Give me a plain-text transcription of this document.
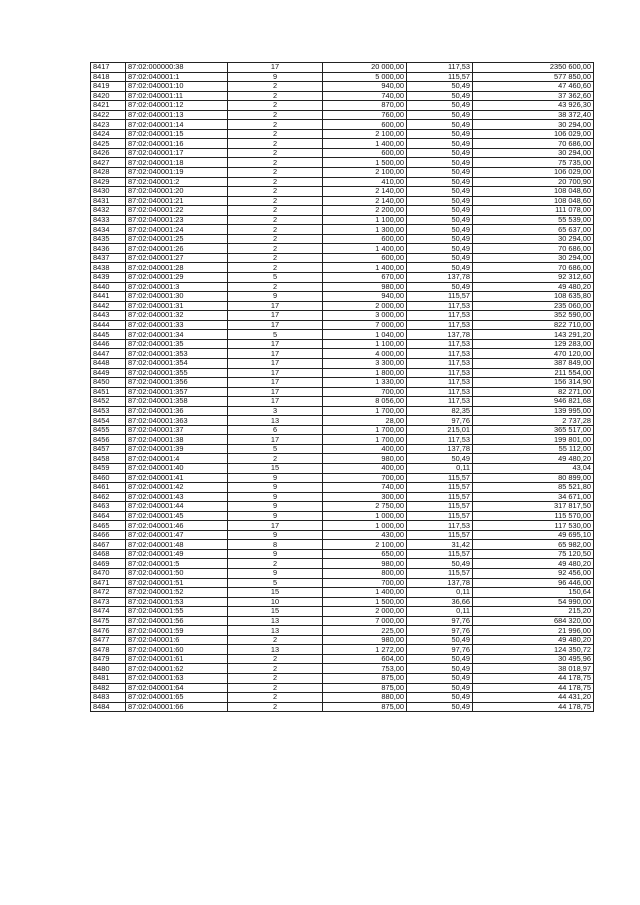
8417	87:02:000000:38	17	20 000,00	117,53	2350 600,00
8418	87:02:040001:1	9	5 000,00	115,57	577 850,00
8419	87:02:040001:10	2	940,00	50,49	47 460,60
8420	87:02:040001:11	2	740,00	50,49	37 362,60
8421	87:02:040001:12	2	870,00	50,49	43 926,30
8422	87:02:040001:13	2	760,00	50,49	38 372,40
8423	87:02:040001:14	2	600,00	50,49	30 294,00
8424	87:02:040001:15	2	2 100,00	50,49	106 029,00
8425	87:02:040001:16	2	1 400,00	50,49	70 686,00
8426	87:02:040001:17	2	600,00	50,49	30 294,00
8427	87:02:040001:18	2	1 500,00	50,49	75 735,00
8428	87:02:040001:19	2	2 100,00	50,49	106 029,00
8429	87:02:040001:2	2	410,00	50,49	20 700,90
8430	87:02:040001:20	2	2 140,00	50,49	108 048,60
8431	87:02:040001:21	2	2 140,00	50,49	108 048,60
8432	87:02:040001:22	2	2 200,00	50,49	111 078,00
8433	87:02:040001:23	2	1 100,00	50,49	55 539,00
8434	87:02:040001:24	2	1 300,00	50,49	65 637,00
8435	87:02:040001:25	2	600,00	50,49	30 294,00
8436	87:02:040001:26	2	1 400,00	50,49	70 686,00
8437	87:02:040001:27	2	600,00	50,49	30 294,00
8438	87:02:040001:28	2	1 400,00	50,49	70 686,00
8439	87:02:040001:29	5	670,00	137,78	92 312,60
8440	87:02:040001:3	2	980,00	50,49	49 480,20
8441	87:02:040001:30	9	940,00	115,57	108 635,80
8442	87:02:040001:31	17	2 000,00	117,53	235 060,00
8443	87:02:040001:32	17	3 000,00	117,53	352 590,00
8444	87:02:040001:33	17	7 000,00	117,53	822 710,00
8445	87:02:040001:34	5	1 040,00	137,78	143 291,20
8446	87:02:040001:35	17	1 100,00	117,53	129 283,00
8447	87:02:040001:353	17	4 000,00	117,53	470 120,00
8448	87:02:040001:354	17	3 300,00	117,53	387 849,00
8449	87:02:040001:355	17	1 800,00	117,53	211 554,00
8450	87:02:040001:356	17	1 330,00	117,53	156 314,90
8451	87:02:040001:357	17	700,00	117,53	82 271,00
8452	87:02:040001:358	17	8 056,00	117,53	946 821,68
8453	87:02:040001:36	3	1 700,00	82,35	139 995,00
8454	87:02:040001:363	13	28,00	97,76	2 737,28
8455	87:02:040001:37	6	1 700,00	215,01	365 517,00
8456	87:02:040001:38	17	1 700,00	117,53	199 801,00
8457	87:02:040001:39	5	400,00	137,78	55 112,00
8458	87:02:040001:4	2	980,00	50,49	49 480,20
8459	87:02:040001:40	15	400,00	0,11	43,04
8460	87:02:040001:41	9	700,00	115,57	80 899,00
8461	87:02:040001:42	9	740,00	115,57	85 521,80
8462	87:02:040001:43	9	300,00	115,57	34 671,00
8463	87:02:040001:44	9	2 750,00	115,57	317 817,50
8464	87:02:040001:45	9	1 000,00	115,57	115 570,00
8465	87:02:040001:46	17	1 000,00	117,53	117 530,00
8466	87:02:040001:47	9	430,00	115,57	49 695,10
8467	87:02:040001:48	8	2 100,00	31,42	65 982,00
8468	87:02:040001:49	9	650,00	115,57	75 120,50
8469	87:02:040001:5	2	980,00	50,49	49 480,20
8470	87:02:040001:50	9	800,00	115,57	92 456,00
8471	87:02:040001:51	5	700,00	137,78	96 446,00
8472	87:02:040001:52	15	1 400,00	0,11	150,64
8473	87:02:040001:53	10	1 500,00	36,66	54 990,00
8474	87:02:040001:55	15	2 000,00	0,11	215,20
8475	87:02:040001:56	13	7 000,00	97,76	684 320,00
8476	87:02:040001:59	13	225,00	97,76	21 996,00
8477	87:02:040001:6	2	980,00	50,49	49 480,20
8478	87:02:040001:60	13	1 272,00	97,76	124 350,72
8479	87:02:040001:61	2	604,00	50,49	30 495,96
8480	87:02:040001:62	2	753,00	50,49	38 018,97
8481	87:02:040001:63	2	875,00	50,49	44 178,75
8482	87:02:040001:64	2	875,00	50,49	44 178,75
8483	87:02:040001:65	2	880,00	50,49	44 431,20
8484	87:02:040001:66	2	875,00	50,49	44 178,75
